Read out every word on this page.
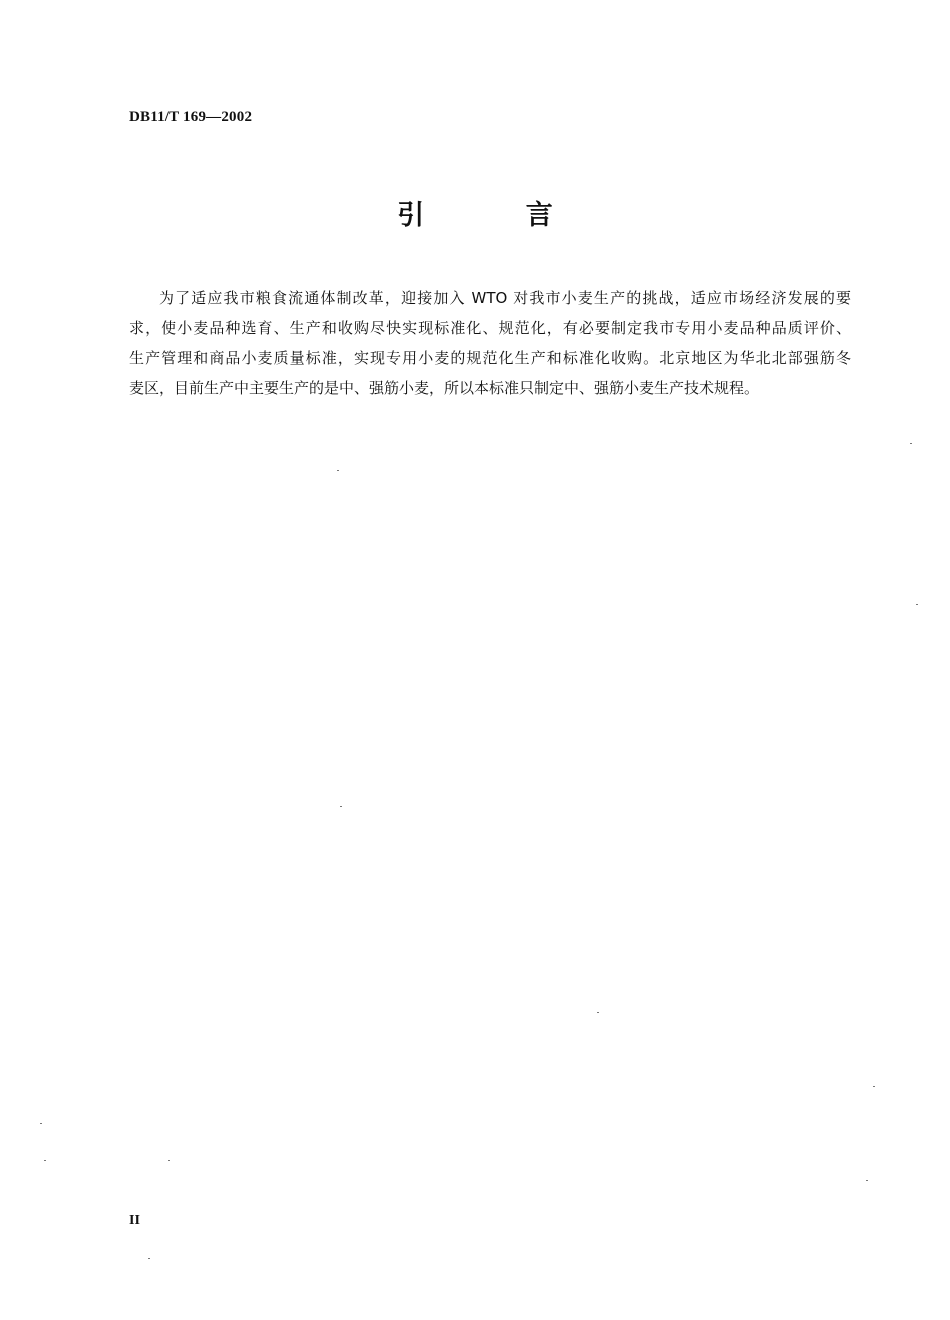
DB11/T 169—2002
引 言

为了适应我市粮食流通体制改革，迎接加入 WTO 对我市小麦生产的挑战，适应市场经济发展的要
求，使小麦品种选育、生产和收购尽快实现标准化、规范化，有必要制定我市专用小麦品种品质评价、
生产管理和商品小麦质量标准，实现专用小麦的规范化生产和标准化收购。北京地区为华北北部强筋冬
麦区，目前生产中主要生产的是中、强筋小麦，所以本标准只制定中、强筋小麦生产技术规程。

II
